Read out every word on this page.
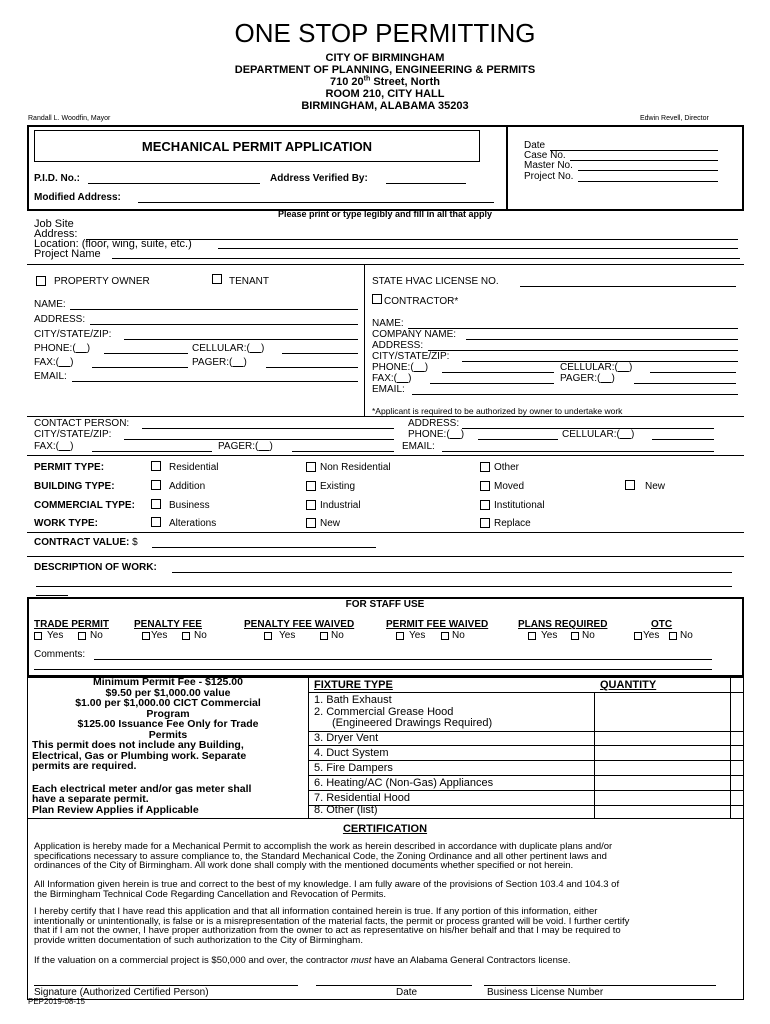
ONE STOP PERMITTING
CITY OF BIRMINGHAM
DEPARTMENT OF PLANNING, ENGINEERING & PERMITS
710 20th Street, North
ROOM 210, CITY HALL
BIRMINGHAM, ALABAMA 35203
Randall L. Woodfin, Mayor	Edwin Revell, Director
MECHANICAL PERMIT APPLICATION
P.I.D. No.:	Address Verified By:
Modified Address:
Date
Case No.
Master No.
Project No.
Please print or type legibly and fill in all that apply
Job Site
Address:
Location: (floor, wing, suite, etc.)
Project Name
PROPERTY OWNER	TENANT
NAME:
ADDRESS:
CITY/STATE/ZIP:
PHONE:( )	CELLULAR:( )
FAX:( )	PAGER:( )
EMAIL:
STATE HVAC LICENSE NO.
CONTRACTOR*
NAME:
COMPANY NAME:
ADDRESS:
CITY/STATE/ZIP:
PHONE:( )	CELLULAR:( )
FAX:( )	PAGER:( )
EMAIL:
*Applicant is required to be authorized by owner to undertake work
CONTACT PERSON:	ADDRESS:
CITY/STATE/ZIP:	PHONE:( )	CELLULAR:( )
FAX:( )	PAGER:( )	EMAIL:
PERMIT TYPE:	Residential	Non Residential	Other
BUILDING TYPE:	Addition	Existing	Moved	New
COMMERCIAL TYPE:	Business	Industrial	Institutional
WORK TYPE:	Alterations	New	Replace
CONTRACT VALUE: $
DESCRIPTION OF WORK:
FOR STAFF USE
TRADE PERMIT	PENALTY FEE	PENALTY FEE WAIVED	PERMIT FEE WAIVED	PLANS REQUIRED	OTC
Yes	No	Yes	No	Yes	No	Yes	No	Yes No	Yes No
Comments:
Minimum Permit Fee - $125.00
$9.50 per $1,000.00 value
$1.00 per $1,000.00 CICT Commercial
Program
$125.00 Issuance Fee Only for Trade
Permits
This permit does not include any Building,
Electrical, Gas or Plumbing work. Separate
permits are required.
Each electrical meter and/or gas meter shall
have a separate permit.
Plan Review Applies if Applicable
FIXTURE TYPE	QUANTITY
1. Bath Exhaust
2. Commercial Grease Hood
(Engineered Drawings Required)
3. Dryer Vent
4. Duct System
5. Fire Dampers
6. Heating/AC (Non-Gas) Appliances
7. Residential Hood
8. Other (list)
CERTIFICATION
Application is hereby made for a Mechanical Permit to accomplish the work as herein described in accordance with duplicate plans and/or
specifications necessary to assure compliance to, the Standard Mechanical Code, the Zoning Ordinance and all other pertinent laws and
ordinances of the City of Birmingham. All work done shall comply with the mentioned documents whether specified or not herein.
All Information given herein is true and correct to the best of my knowledge. I am fully aware of the provisions of Section 103.4 and 104.3 of
the Birmingham Technical Code Regarding Cancellation and Revocation of Permits.
I hereby certify that I have read this application and that all information contained herein is true. If any portion of this information, either
intentionally or unintentionally, is false or is a misrepresentation of the material facts, the permit or process granted will be void. I further certify
that if I am not the owner, I have proper authorization from the owner to act as representative on his/her behalf and that I may be required to
provide written documentation of such authorization to the City of Birmingham.
If the valuation on a commercial project is $50,000 and over, the contractor must have an Alabama General Contractors license.
Signature (Authorized Certified Person)	Date	Business License Number
PEP2019-08-15
